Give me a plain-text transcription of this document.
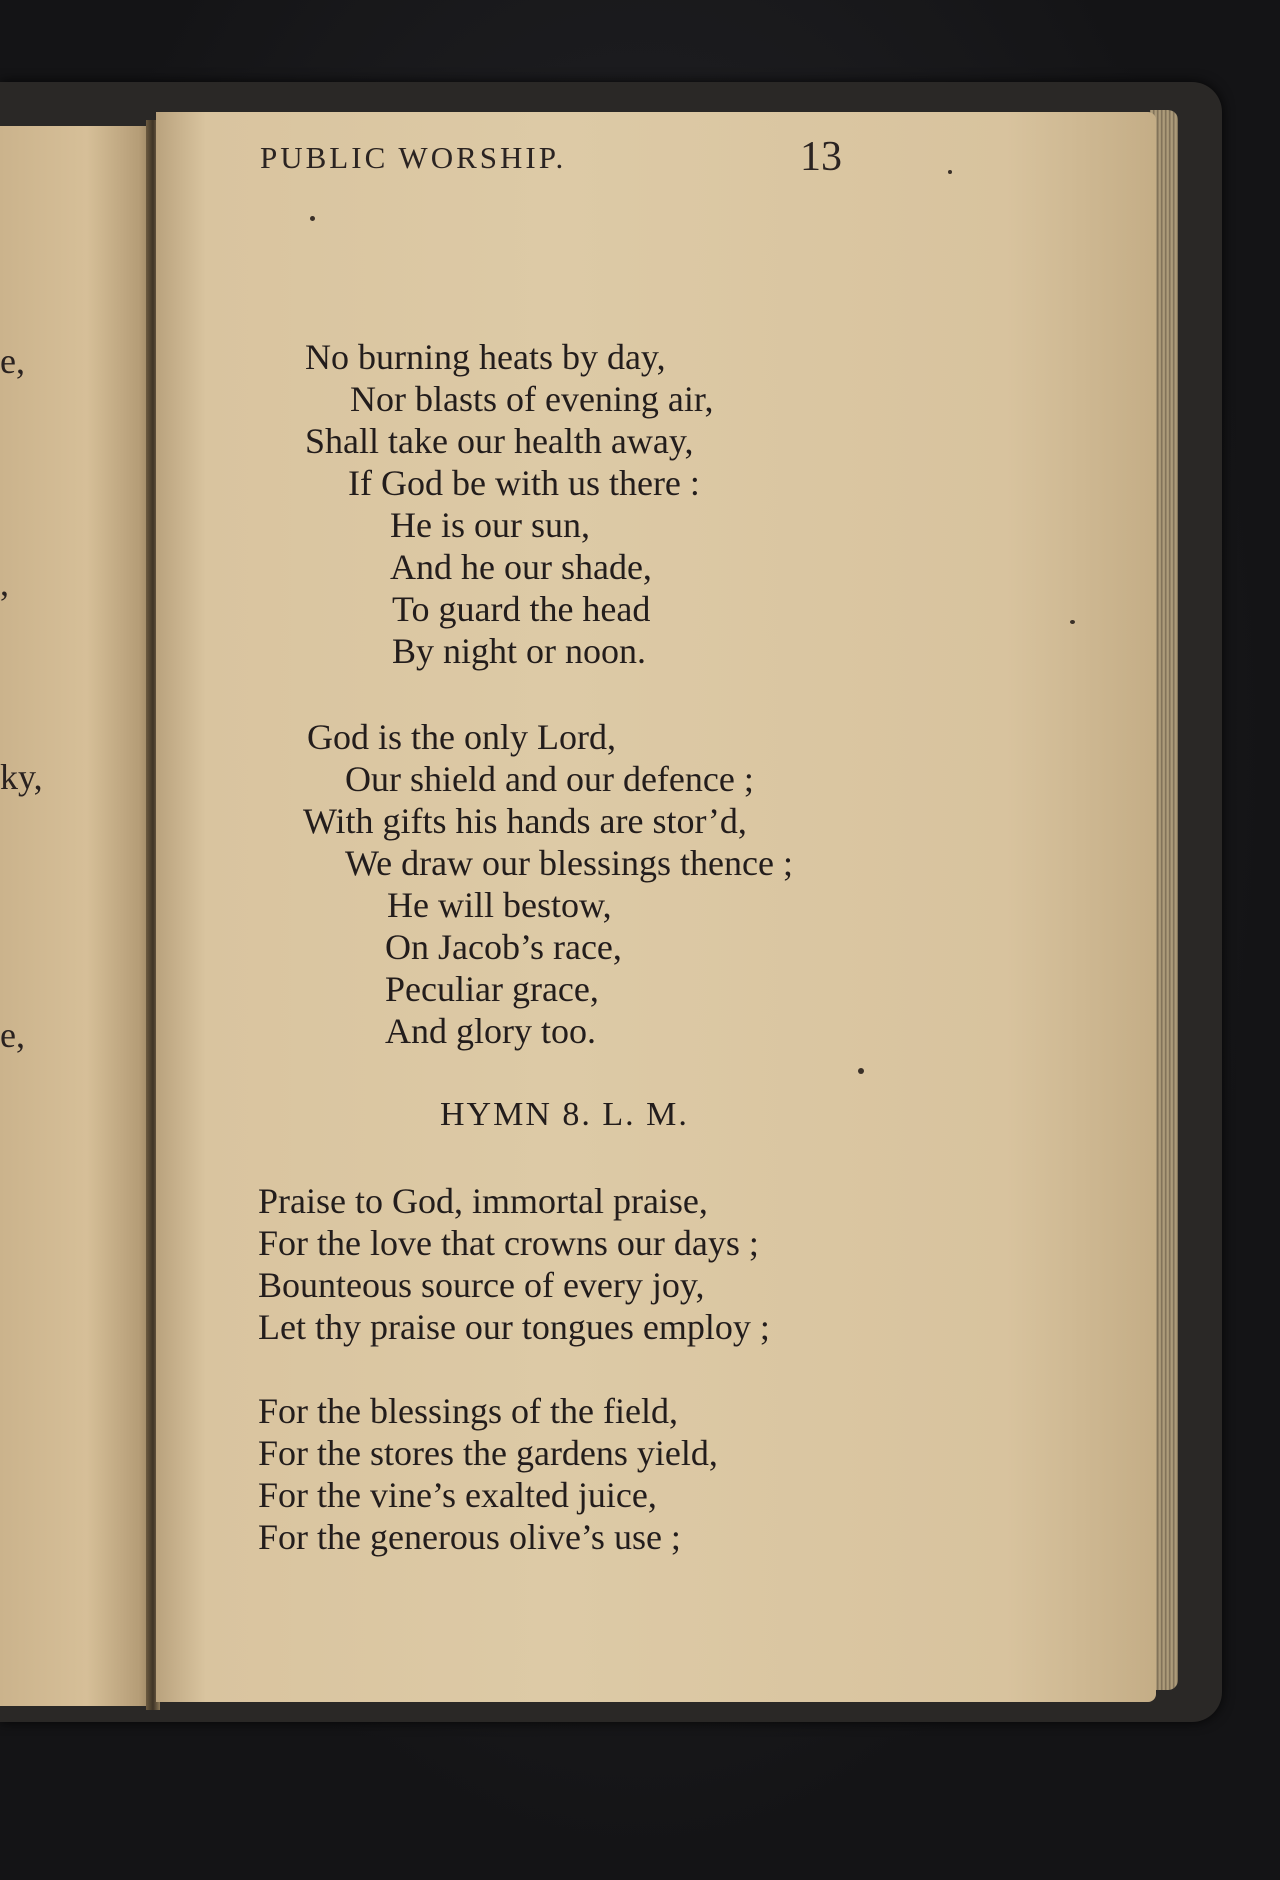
e,
,
ky,
e,
PUBLIC WORSHIP.	13
No burning heats by day,
Nor blasts of evening air,
Shall take our health away,
If God be with us there :
He is our sun,
And he our shade,
To guard the head
By night or noon.
God is the only Lord,
Our shield and our defence ;
With gifts his hands are stor’d,
We draw our blessings thence ;
He will bestow,
On Jacob’s race,
Peculiar grace,
And glory too.
HYMN 8. L. M.
Praise to God, immortal praise,
For the love that crowns our days ;
Bounteous source of every joy,
Let thy praise our tongues employ ;
For the blessings of the field,
For the stores the gardens yield,
For the vine’s exalted juice,
For the generous olive’s use ;
